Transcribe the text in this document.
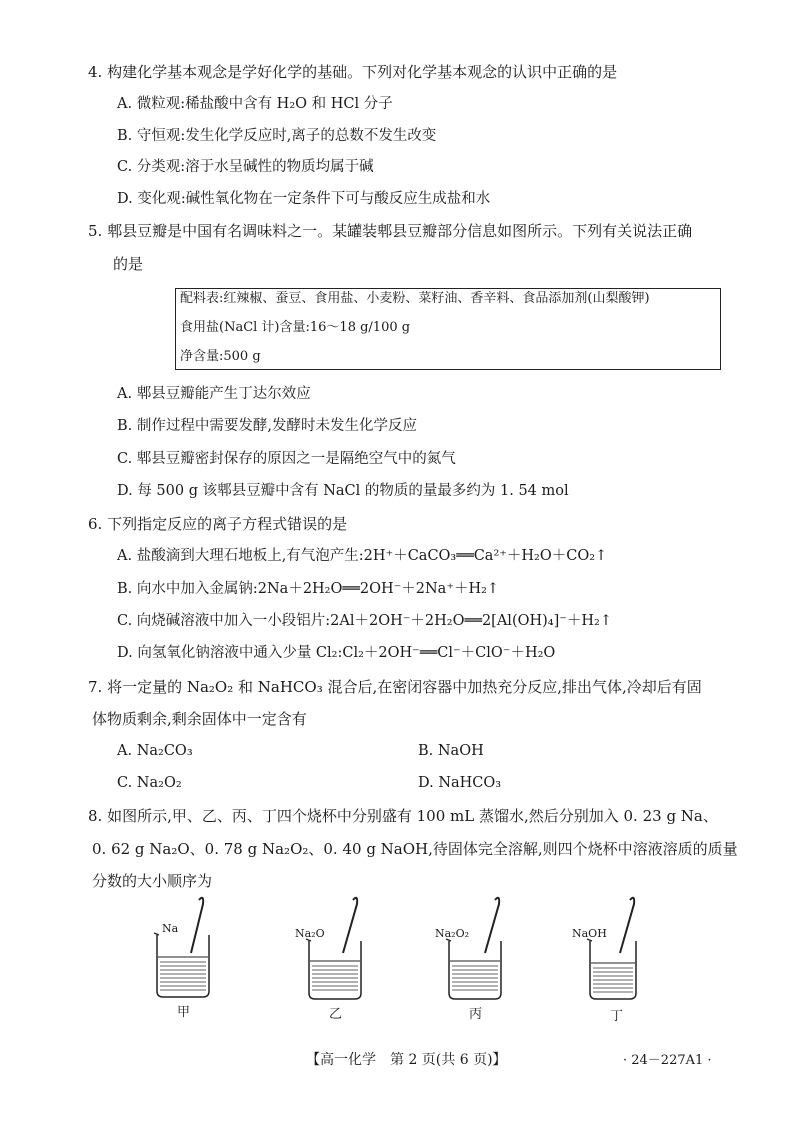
4. 构建化学基本观念是学好化学的基础。下列对化学基本观念的认识中正确的是
A. 微粒观:稀盐酸中含有 H₂O 和 HCl 分子
B. 守恒观:发生化学反应时,离子的总数不发生改变
C. 分类观:溶于水呈碱性的物质均属于碱
D. 变化观:碱性氧化物在一定条件下可与酸反应生成盐和水
5. 郫县豆瓣是中国有名调味料之一。某罐装郫县豆瓣部分信息如图所示。下列有关说法正确
的是
配料表:红辣椒、蚕豆、食用盐、小麦粉、菜籽油、香辛料、食品添加剂(山梨酸钾)
食用盐(NaCl 计)含量:16～18 g/100 g
净含量:500 g
A. 郫县豆瓣能产生丁达尔效应
B. 制作过程中需要发酵,发酵时未发生化学反应
C. 郫县豆瓣密封保存的原因之一是隔绝空气中的氮气
D. 每 500 g 该郫县豆瓣中含有 NaCl 的物质的量最多约为 1. 54 mol
6. 下列指定反应的离子方程式错误的是
A. 盐酸滴到大理石地板上,有气泡产生:2H⁺＋CaCO₃══Ca²⁺＋H₂O＋CO₂↑
B. 向水中加入金属钠:2Na＋2H₂O══2OH⁻＋2Na⁺＋H₂↑
C. 向烧碱溶液中加入一小段铝片:2Al＋2OH⁻＋2H₂O══2[Al(OH)₄]⁻＋H₂↑
D. 向氢氧化钠溶液中通入少量 Cl₂:Cl₂＋2OH⁻══Cl⁻＋ClO⁻＋H₂O
7. 将一定量的 Na₂O₂ 和 NaHCO₃ 混合后,在密闭容器中加热充分反应,排出气体,冷却后有固
体物质剩余,剩余固体中一定含有
A. Na₂CO₃	B. NaOH
C. Na₂O₂	D. NaHCO₃
8. 如图所示,甲、乙、丙、丁四个烧杯中分别盛有 100 mL 蒸馏水,然后分别加入 0. 23 g Na、
0. 62 g Na₂O、0. 78 g Na₂O₂、0. 40 g NaOH,待固体完全溶解,则四个烧杯中溶液溶质的质量
分数的大小顺序为
Na
甲
Na₂O
乙
Na₂O₂
丙
NaOH
丁
【高一化学　第 2 页(共 6 页)】	· 24－227A1 ·
